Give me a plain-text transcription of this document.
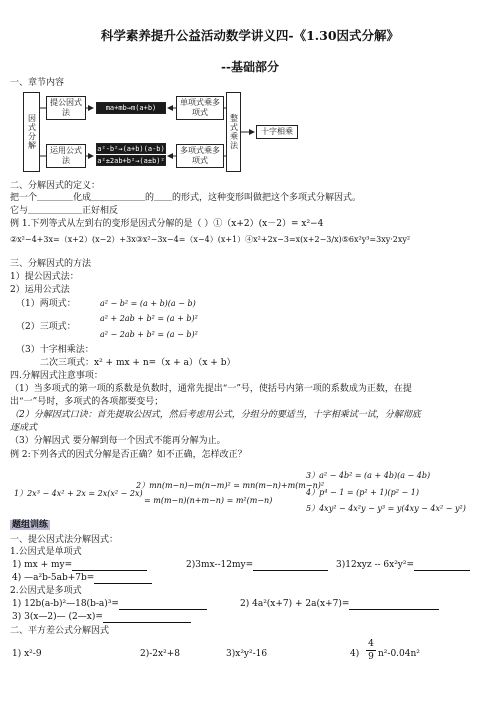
科学素养提升公益活动数学讲义四-《1.30因式分解》
--基础部分
一、章节内容
因式分解
提公因式法	ma+mb→m(a+b)
单项式乘多项式
整式乘法	十字相乘
运用公式法
a²-b²→(a+b)(a-b)
a²±2ab+b²→(a±b)²
多项式乘多项式
二、分解因式的定义：
把一个＿＿＿＿化成＿＿＿＿＿＿的＿＿的形式，这种变形叫做把这个多项式分解因式。
它与＿＿＿＿＿＿正好相反
例 1.下列等式从左到右的变形是因式分解的是（ ）①（x+2）(x－2）= x²−4
②x²−4+3x=（x+2）(x−2）+3x③x²−3x−4=（x−4）(x+1）④x²+2x−3=x(x+2−3/x)⑤6x²y³=3xy·2xy²
三、分解因式的方法
1）提公因式法：
2）运用公式法
（1）两项式：	a² − b² = (a + b)(a − b)
（2）三项式：
a² + 2ab + b² = (a + b)²
a² − 2ab + b² = (a − b)²
（3）十字相乘法：
二次三项式：x² + mx + n=（x + a）（x + b）
四.分解因式注意事项：
（1）当多项式的第一项的系数是负数时，通常先提出“一”号，使括号内第一项的系数成为正数，在提
出“一”号时，多项式的各项都要变号；
（2）分解因式口诀：首先提取公因式，然后考虑用公式，分组分的要适当，十字相乘试一试，分解彻底
逐成式
（3）分解因式 要分解到每一个因式不能再分解为止。
例 2:下列各式的因式分解是否正确？如不正确，怎样改正？
1）2x³ − 4x² + 2x = 2x(x² − 2x)
2）mn(m−n)−m(n−m)² = mn(m−n)+m(m−n)²
= m(m−n)(n+m−n) = m²(m−n)
3）a² − 4b² = (a + 4b)(a − 4b)
4）p⁴ − 1 = (p² + 1)(p² − 1)
5）4xy² − 4x²y − y³ = y(4xy − 4x² − y²)
题组训练
一、提公因式法分解因式：
1.公因式是单项式
1) mx + my=	2)3mx--12my=	3)12xyz -- 6x²y²=
4) —a²b-5ab+7b=
2.公因式是多项式
1) 12b(a-b)²—18(b-a)³=	2) 4a²(x+7) + 2a(x+7)=
3) 3(x—2)— (2—x)=
二、平方差公式分解因式
1) x²-9	2)-2x²+8	3)x²y²-16	4)
4
9 n²-0.04n²
